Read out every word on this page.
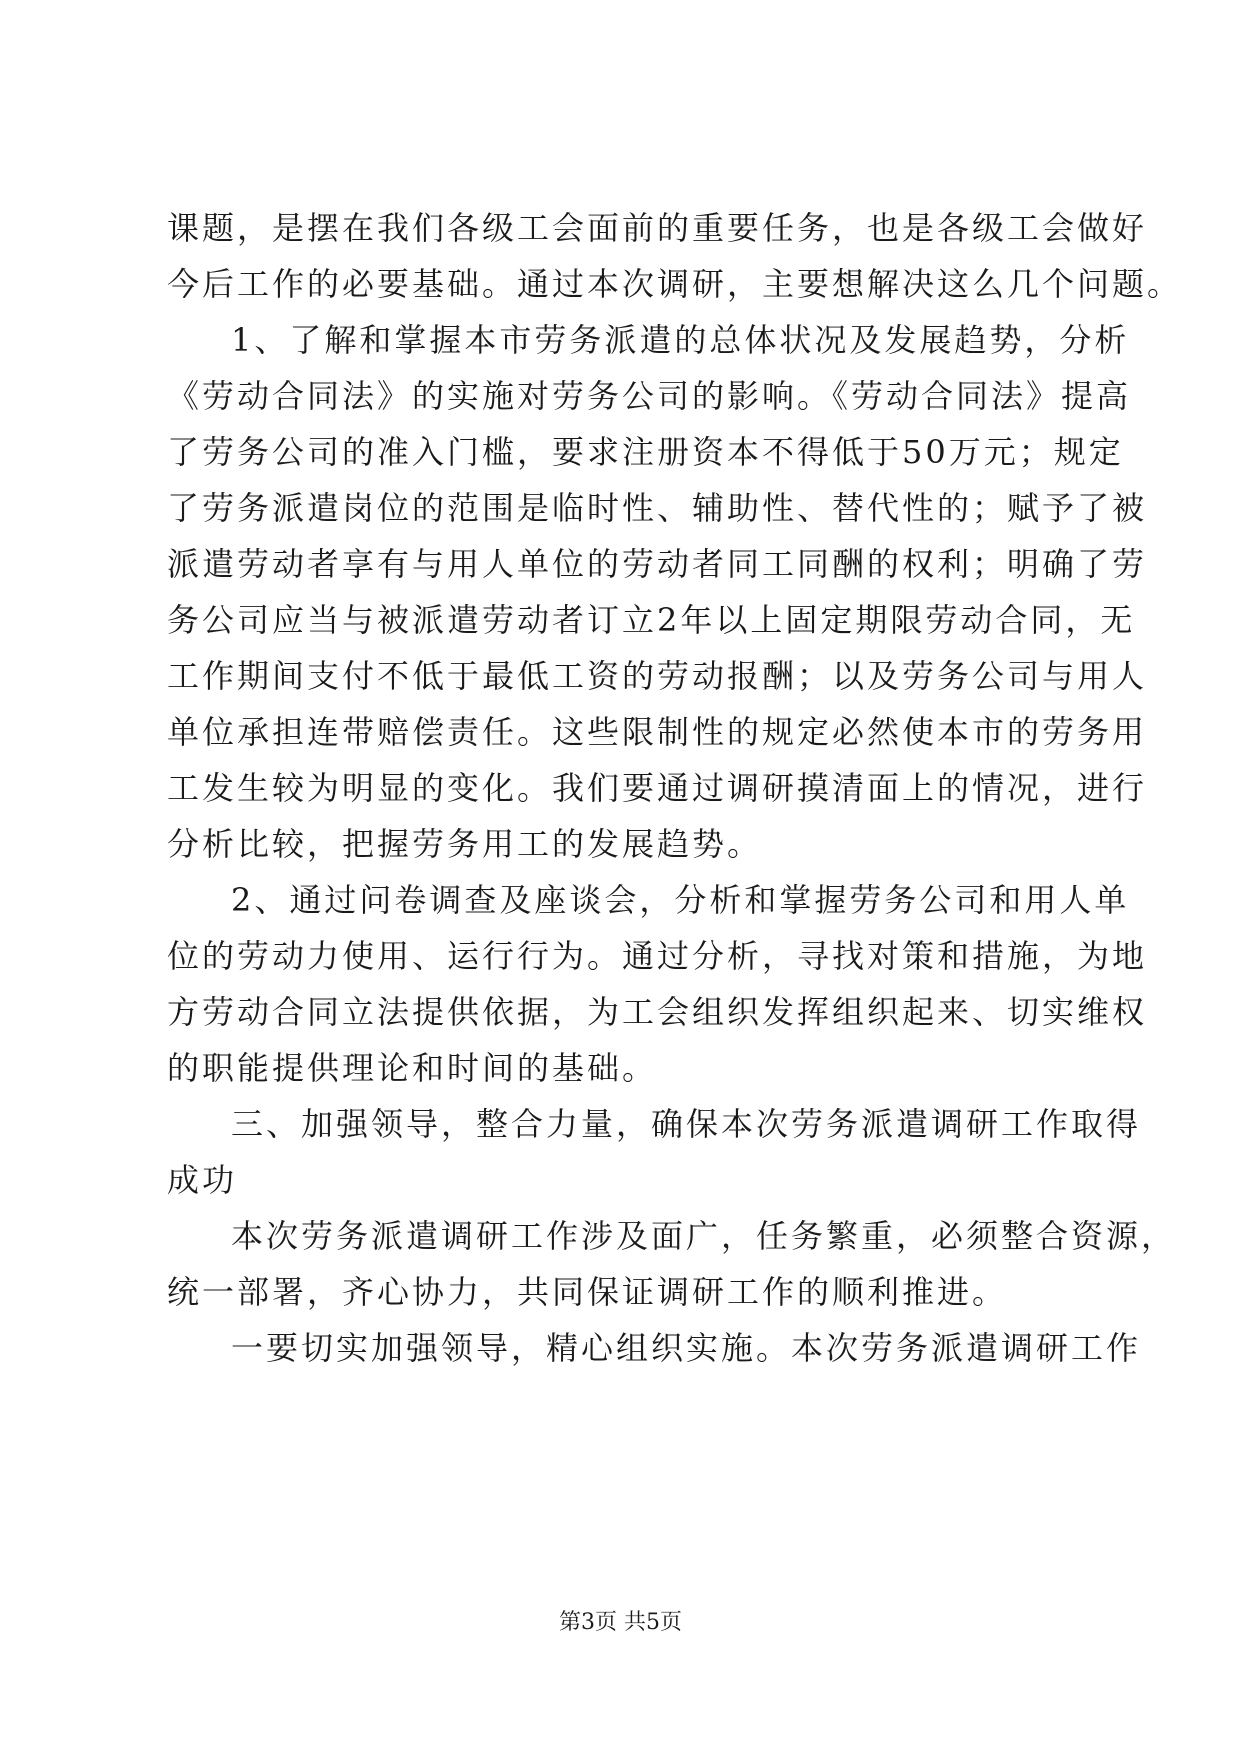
课题，是摆在我们各级工会面前的重要任务，也是各级工会做好
今后工作的必要基础。通过本次调研，主要想解决这么几个问题。
1、了解和掌握本市劳务派遣的总体状况及发展趋势，分析
《劳动合同法》的实施对劳务公司的影响。《劳动合同法》提高
了劳务公司的准入门槛，要求注册资本不得低于50万元；规定
了劳务派遣岗位的范围是临时性、辅助性、替代性的；赋予了被
派遣劳动者享有与用人单位的劳动者同工同酬的权利；明确了劳
务公司应当与被派遣劳动者订立2年以上固定期限劳动合同，无
工作期间支付不低于最低工资的劳动报酬；以及劳务公司与用人
单位承担连带赔偿责任。这些限制性的规定必然使本市的劳务用
工发生较为明显的变化。我们要通过调研摸清面上的情况，进行
分析比较，把握劳务用工的发展趋势。
2、通过问卷调查及座谈会，分析和掌握劳务公司和用人单
位的劳动力使用、运行行为。通过分析，寻找对策和措施，为地
方劳动合同立法提供依据，为工会组织发挥组织起来、切实维权
的职能提供理论和时间的基础。
三、加强领导，整合力量，确保本次劳务派遣调研工作取得
成功
本次劳务派遣调研工作涉及面广，任务繁重，必须整合资源，
统一部署，齐心协力，共同保证调研工作的顺利推进。
一要切实加强领导，精心组织实施。本次劳务派遣调研工作
第3页 共5页
